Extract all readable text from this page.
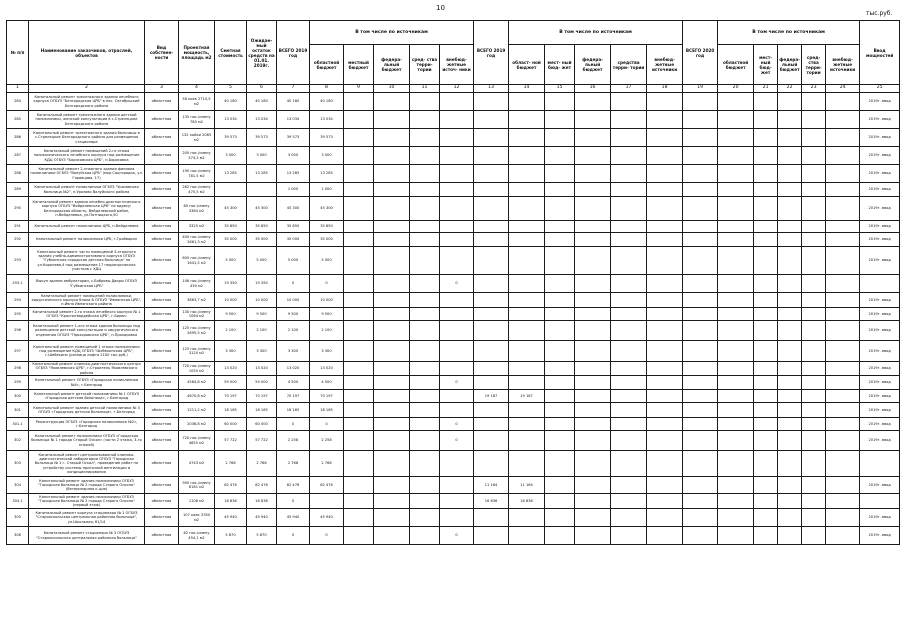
10
тыс.руб.
№ п/п	Наименование заказчиков, отраслей, объектов	Вид собствен- ности	Проектная мощность, площадь м2	Сметная стоимость	Ожидае- мый остаток средств на 01.01. 2019г.	ВСЕГО 2019 год	В том числе по источникам					ВСЕГО 2019 год	В том числе по источникам					ВСЕГО 2020 год	В том числе по источникам					Ввод мощностей
							областной бюджет	местный бюджет	федера- льный бюджет	сред- ства терри- тории	внебюд- жетные источ- ники		област- ной бюджет	мест- ный бюд- жет	федера- льный бюджет	средства терри- тории	внебюд- жетные источники		областной бюджет	мест- ный бюд- жет	федера- льный бюджет	сред- ства терри- тории	внебюд- жетные источники	
1	2	3	4	5	6	7	8	9	10	11	12	13	14	15	16	17	18	19	20	21	22	23	24	25
284	Капитальный ремонт трехэтажного здания лечебного корпуса ОГБУЗ "Белгородская ЦРБ" в пос. Октябрьский Белгородского района	областная	58 коек 2710,5 м2	40 180	40 180	40 180	40 180																	2019г. ввод
285	Капитальный ремонт трехэтажного здания детской поликлиники, женской консультации в с.Стрелецкое Белгородского района	областная	135 пос./смену 780 м2	13 034	13 034	13 034	13 034																	2019г. ввод
286	Капитальный ремонт трехэтажного здания больницы в с.Стрелецкое Белгородского района для размещения стационара	областная	132 койки 2085 м2	39 573	39 573	39 573	39 573																	2019г. ввод
287	Капитальный ремонт помещений 2-го этажа поликлинического лечебного корпуса под размещение КДЦ ОГБУЗ "Борисовская ЦРБ", п.Борисовка	областная	200 пос./смену 374,3 м2	3 000	3 000	3 000	3 000																	2019г. ввод
288	Капитальный ремонт 2-этажного здания филиала поликлиники ОГБУЗ "Валуйская ЦРБ" (мкр.Соцгородок, ул. Горовцова, 17)	областная	190 пос./смену 781,5 м2	13 285	13 285	13 285	13 285																	2019г. ввод
289	Капитальный ремонт поликлиники ОГБУЗ "Уразовская больница №2", п.Уразово Валуйского района	областная	262 пос./смену 470,5 м2			1 000	1 000																	2019г. ввод
290	Капитальный ремонт здания лечебно-диагностического корпуса ОГБУЗ "Вейделевская ЦРБ" по адресу: Белгородская область, Вейделевский район, п.Вейделевка, ул.Пятницкого,50	областная	80 пос./смену 3384 м2	45 300	45 300	45 300	45 300																	2019г. ввод
291	Капитальный ремонт поликлиники ЦРБ, п.Вейделевка	областная	3325 м2	35 850	35 850	35 850	35 850																	2019г. ввод
292	Капитальный ремонт поликлиники ЦРБ, г.Грайворон	областная	400 пос./смену 2661,3 м2	35 000	35 000	35 000	35 000																	2019г. ввод
293	Капитальный ремонт части помещений 3-этажного здания учебно-административного корпуса ОГБУЗ "Губкинская городская детская больница" по ул.Королева,4 под размещение 17 педиатрических участков с ХДЦ	областная	600 пос./смену 1641,5 м2	5 000	5 000	5 000	5 000																	2019г. ввод
293.1	Выкуп здания амбулатории, с.Бобровы Дворы ОГБУЗ "Губкинская ЦРБ"	областная	106 пос./смену 430 м2	19 350	19 350	0	0				0													
294	Капитальный ремонт помещений поликлиники, хирургического корпуса блока Б ОГБУЗ "Ивнянская ЦРБ", п.Ивня Ивнянского района	областная	3863,7 м2	10 000	10 000	10 000	10 000																	2019г. ввод
295	Капитальный ремонт 2-го этажа лечебного корпуса № 1 ОГБУЗ "Красногвардейская ЦРБ", г.Бирюч	областная	130 пос./смену 1064 м2	9 500	9 500	9 500	9 500																	2019г. ввод
296	Капитальный ремонт 1-ого этажа здания больницы под размещение детской консультации и хирургического отделения ОГБУЗ "Прохоровская ЦРБ", п.Прохоровка	областная	125 пос./смену 2695,5 м2	2 100	2 100	2 100	2 100																	2019г. ввод
297	Капитальный ремонт помещений 1 этажа поликлиники под размещение КДЦ ОГБУЗ "Шебекинская ЦРБ", г.Шебекино (разница лифта 2100 тыс.руб.)	областная	125 пос./смену 3120 м2	3 300	3 300	3 300	3 300																	2019г. ввод
298	Капитальный ремонт клинико-диагностического центра ОГБУЗ "Яковлевская ЦРБ", г.Строитель Яковлевского района	областная	720 пос./смену 1055 м2	13 020	13 020	13 020	13 020																	2019г. ввод
299	Капитальный ремонт ОГБУЗ «Городская поликлиника №4», г.Белгород	областная	4564,8 м2	59 000	59 000	4 500	4 500				0													2019г. ввод
300	Капитальный ремонт детской поликлиники № 1 ОГБУЗ «Городская детская больница», г.Белгород	областная	4670,8 м2	70 197	70 197	70 197	70 197					19 187	19 187											2019г. ввод
301	Капитальный ремонт здания детской поликлиники № 3 ОГБУЗ «Городская детская больница», г.Белгород	областная	1211,2 м2	18 165	18 165	18 165	18 165																	2019г. ввод
301.1	Реконструкция ОГБУЗ «Городская поликлиника №2», г.Белгород	областная	2036,8 м2	60 000	60 000	0	0				0													2019г. ввод
302	Капитальный ремонт поликлиники ОГБУЗ «Городская больница № 1 города Старый Оскол» (части 2 этажа, 3-го этажей)	областная	720 пос./смену 4655 м2	57 722	57 722	2 258	2 258				0													2019г. ввод
303	Капитальный ремонт централизованной клинико-диагностической лаборатории ОГБУЗ "Городская больница № 1 г. Старый Оскол", проведение работ по устройству системы приточной вентиляции и кондиционирования	областная	4743 м2	2 768	2 768	2 768	2 768																	
304	Капитальный ремонт здания поликлиники ОГБУЗ "Городская больница № 2 города Старого Оскола" (Ветеринарная к-ция)	областная	950 пос./смену 6181 м2	82 476	82 476	82 476	82 476					11 164	11 164											2019г. ввод
304.1	Капитальный ремонт здания поликлиники ОГБУЗ "Городская больница № 2 города Старого Оскола" (первый этаж)	областная	1108 м2	16 836	16 836	0						16 836	16 836											
305	Капитальный ремонт корпуса стационара № 1 ОГБУЗ "Старооскольская центральная районная больница", ул.Школьная, 61/14	областная	107 коек 3780 м2	45 940	45 940	45 940	45 940																	2019г. ввод
306	Капитальный ремонт стационара № 3 ОГБУЗ "Старооскольская центральная районная больница"	областная	62 пос./смену 454,1 м2	5 870	5 870	0	0				0													2019г. ввод
